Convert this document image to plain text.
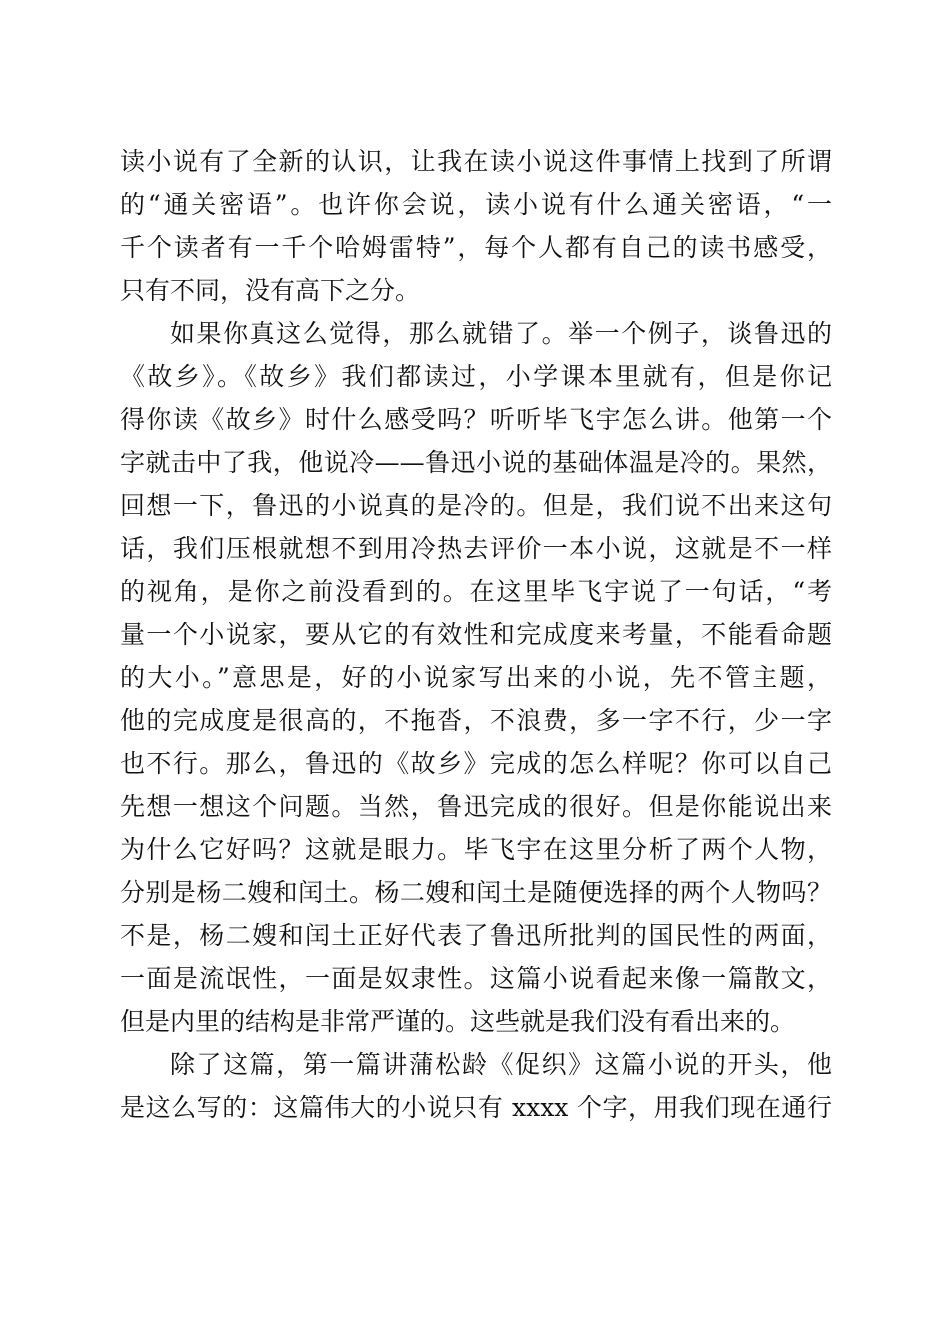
读小说有了全新的认识，让我在读小说这件事情上找到了所谓
的“通关密语”。也许你会说，读小说有什么通关密语，“一
千个读者有一千个哈姆雷特”，每个人都有自己的读书感受，
只有不同，没有高下之分。
如果你真这么觉得，那么就错了。举一个例子，谈鲁迅的
《故乡》。《故乡》我们都读过，小学课本里就有，但是你记
得你读《故乡》时什么感受吗？听听毕飞宇怎么讲。他第一个
字就击中了我，他说冷——鲁迅小说的基础体温是冷的。果然，
回想一下，鲁迅的小说真的是冷的。但是，我们说不出来这句
话，我们压根就想不到用冷热去评价一本小说，这就是不一样
的视角，是你之前没看到的。在这里毕飞宇说了一句话，“考
量一个小说家，要从它的有效性和完成度来考量，不能看命题
的大小。”意思是，好的小说家写出来的小说，先不管主题，
他的完成度是很高的，不拖沓，不浪费，多一字不行，少一字
也不行。那么，鲁迅的《故乡》完成的怎么样呢？你可以自己
先想一想这个问题。当然，鲁迅完成的很好。但是你能说出来
为什么它好吗？这就是眼力。毕飞宇在这里分析了两个人物，
分别是杨二嫂和闰土。杨二嫂和闰土是随便选择的两个人物吗？
不是，杨二嫂和闰土正好代表了鲁迅所批判的国民性的两面，
一面是流氓性，一面是奴隶性。这篇小说看起来像一篇散文，
但是内里的结构是非常严谨的。这些就是我们没有看出来的。
除了这篇，第一篇讲蒲松龄《促织》这篇小说的开头，他
是这么写的：这篇伟大的小说只有 xxxx 个字，用我们现在通行
